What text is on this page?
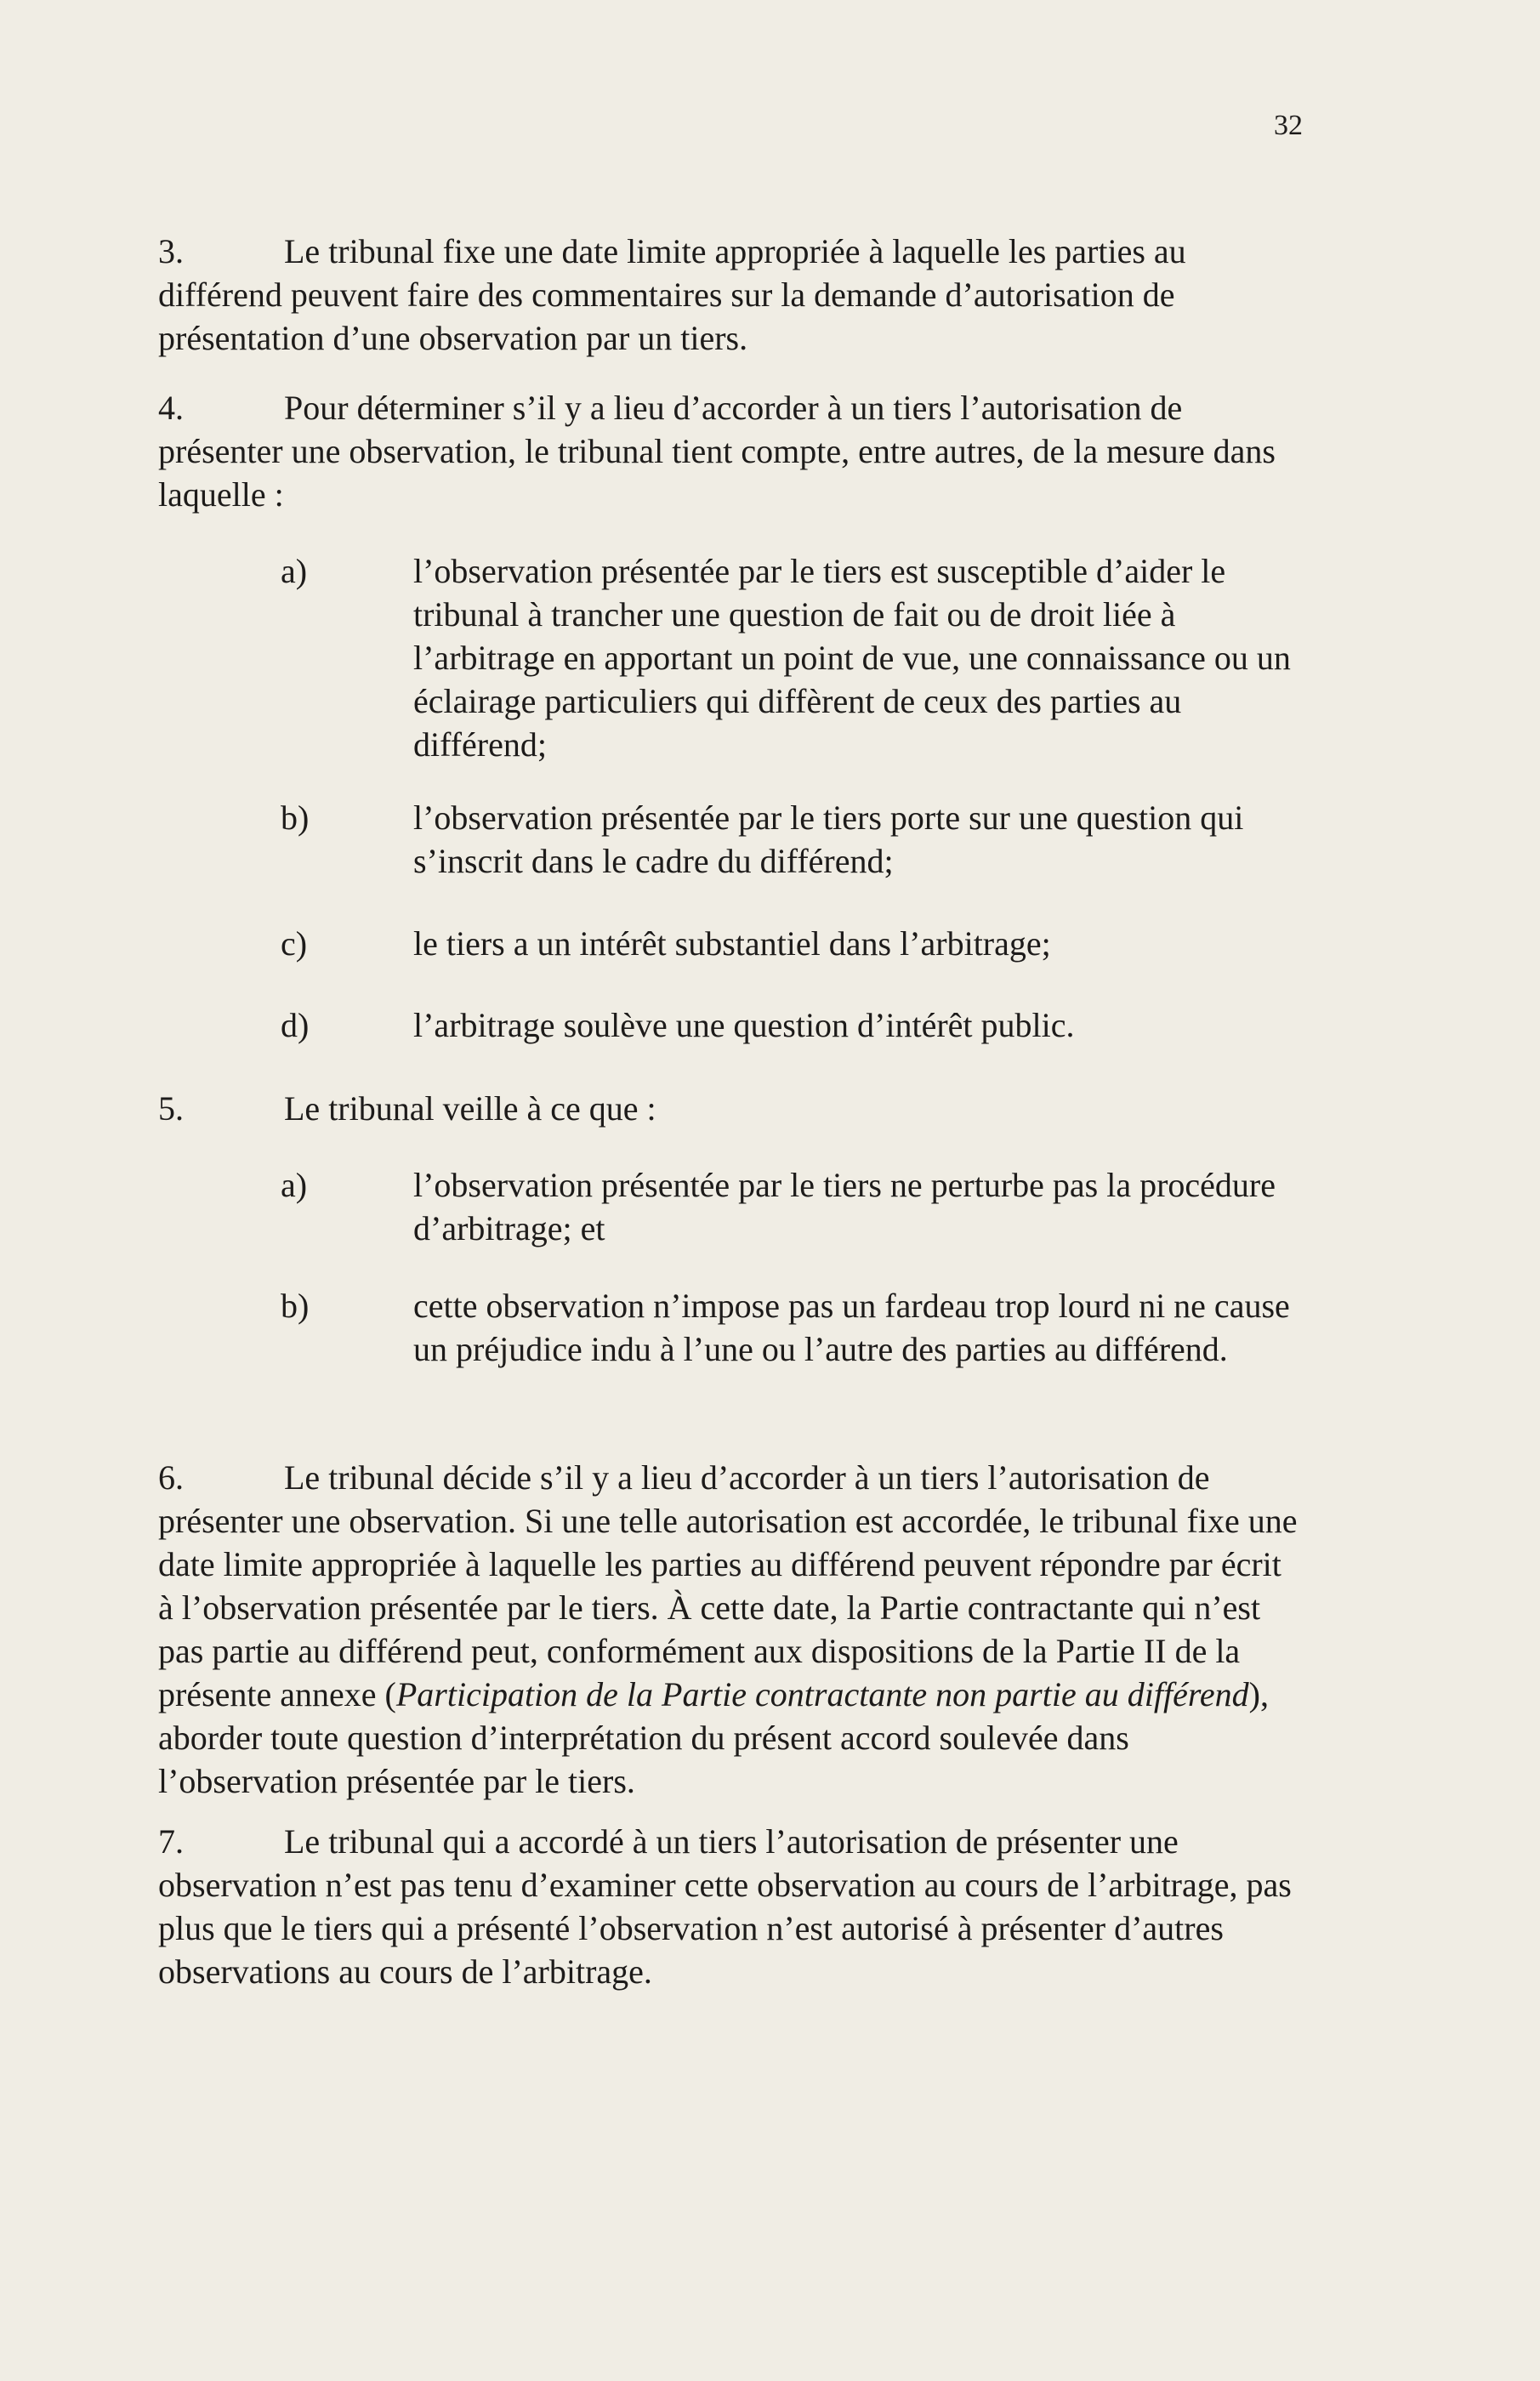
32
3.	Le tribunal fixe une date limite appropriée à laquelle les parties au différend peuvent faire des commentaires sur la demande d’autorisation de présentation d’une observation par un tiers.
4.	Pour déterminer s’il y a lieu d’accorder à un tiers l’autorisation de présenter une observation, le tribunal tient compte, entre autres, de la mesure dans laquelle :
a)	l’observation présentée par le tiers est susceptible d’aider le tribunal à trancher une question de fait ou de droit liée à l’arbitrage en apportant un point de vue, une connaissance ou un éclairage particuliers qui diffèrent de ceux des parties au différend;
b)	l’observation présentée par le tiers porte sur une question qui s’inscrit dans le cadre du différend;
c)	le tiers a un intérêt substantiel dans l’arbitrage;
d)	l’arbitrage soulève une question d’intérêt public.
5.	Le tribunal veille à ce que :
a)	l’observation présentée par le tiers ne perturbe pas la procédure d’arbitrage; et
b)	cette observation n’impose pas un fardeau trop lourd ni ne cause un préjudice indu à l’une ou l’autre des parties au différend.
6.	Le tribunal décide s’il y a lieu d’accorder à un tiers l’autorisation de présenter une observation. Si une telle autorisation est accordée, le tribunal fixe une date limite appropriée à laquelle les parties au différend peuvent répondre par écrit à l’observation présentée par le tiers. À cette date, la Partie contractante qui n’est pas partie au différend peut, conformément aux dispositions de la Partie II de la présente annexe (Participation de la Partie contractante non partie au différend), aborder toute question d’interprétation du présent accord soulevée dans l’observation présentée par le tiers.
7.	Le tribunal qui a accordé à un tiers l’autorisation de présenter une observation n’est pas tenu d’examiner cette observation au cours de l’arbitrage, pas plus que le tiers qui a présenté l’observation n’est autorisé à présenter d’autres observations au cours de l’arbitrage.
